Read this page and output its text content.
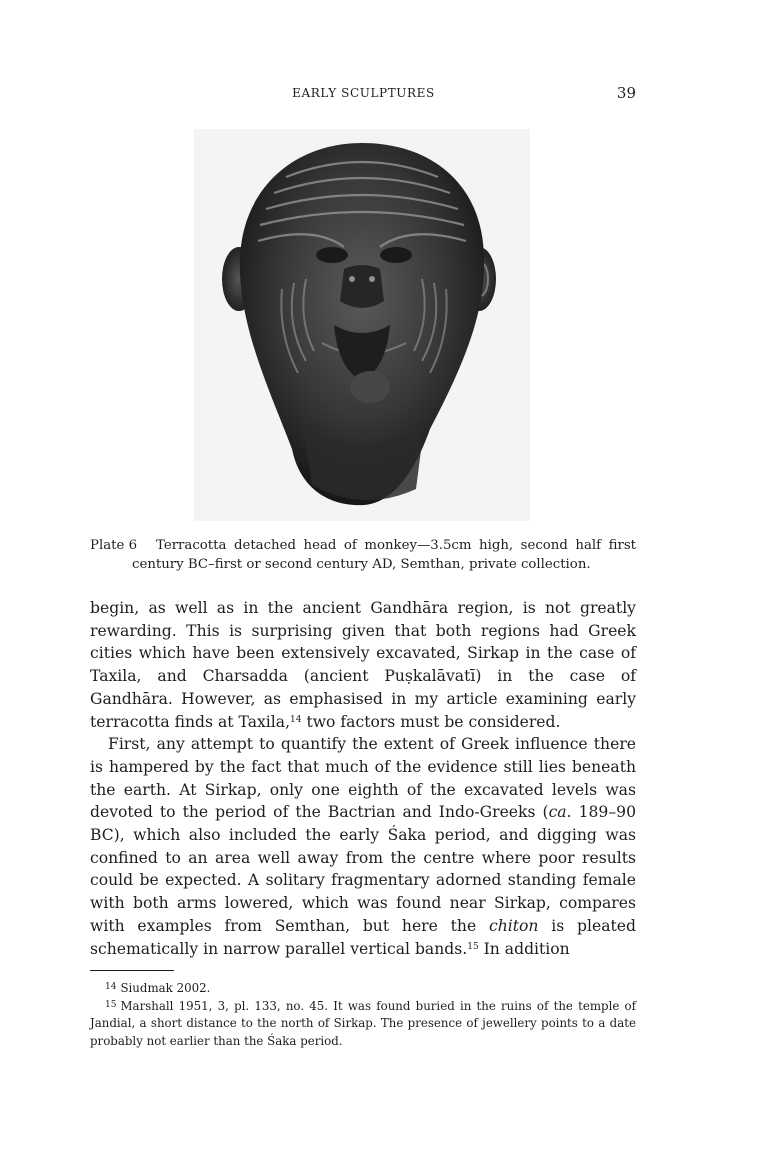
EARLY SCULPTURES	39
Plate 6	Terracotta detached head of monkey—3.5cm high, second half first
century BC–first or second century AD, Semthan, private collection.

begin, as well as in the ancient Gandhāra region, is not greatly rewarding. This is surprising given that both regions had Greek cities which have been extensively excavated, Sirkap in the case of Taxila, and Charsadda (ancient Puṣkalāvatī) in the case of Gandhāra. However, as emphasised in my article examining early terracotta finds at Taxila,$^{14}$ two factors must be considered.

First, any attempt to quantify the extent of Greek influence there is hampered by the fact that much of the evidence still lies beneath the earth. At Sirkap, only one eighth of the excavated levels was devoted to the period of the Bactrian and Indo-Greeks (ca. 189–90 BC), which also included the early Śaka period, and digging was confined to an area well away from the centre where poor results could be expected. A solitary fragmentary adorned standing female with both arms lowered, which was found near Sirkap, compares with examples from Semthan, but here the chiton is pleated schematically in narrow parallel vertical bands.$^{15}$ In addition

$^{14}$ Siudmak 2002.

$^{15}$ Marshall 1951, 3, pl. 133, no. 45. It was found buried in the ruins of the temple of Jandial, a short distance to the north of Sirkap. The presence of jewellery points to a date probably not earlier than the Śaka period.
